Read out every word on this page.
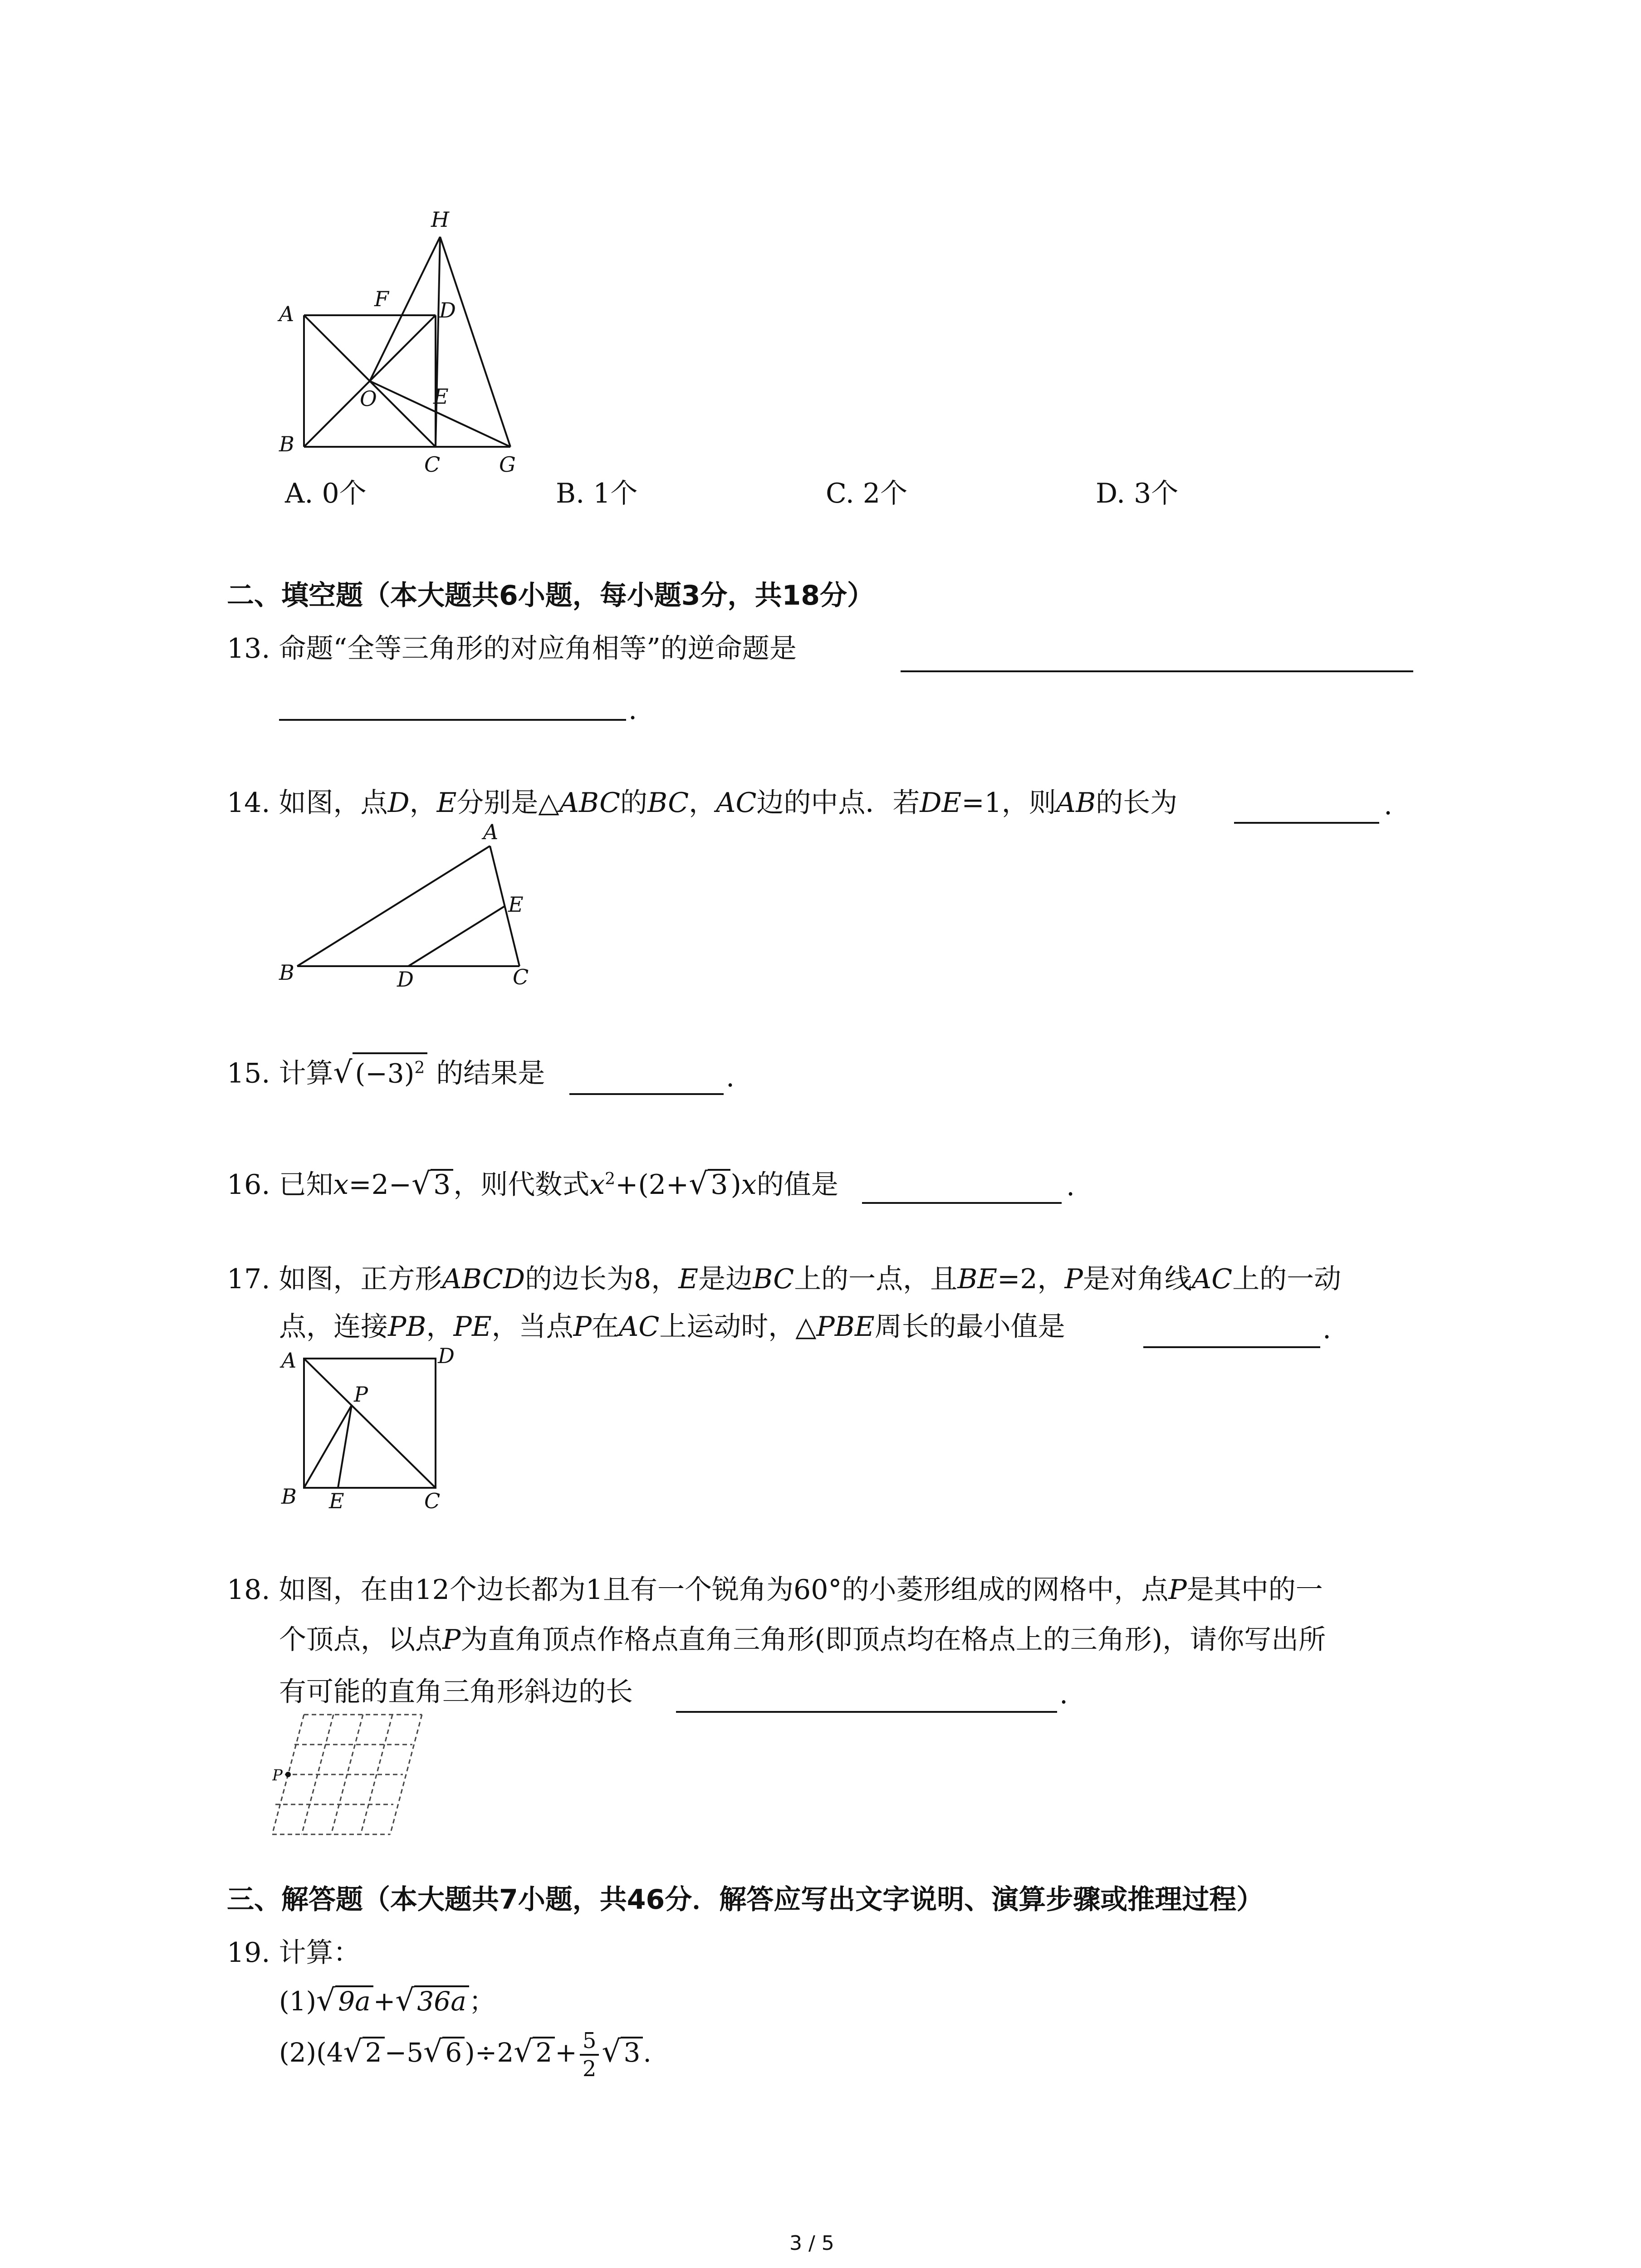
H
A
F D
O	E
B
C	G
A. 0个	B. 1个	C. 2个	D. 3个
二、填空题（本大题共6小题，每小题3分，共18分）
13. 命题“全等三角形的对应角相等”的逆命题是
.
14. 如图，点D，E分别是△ABC的BC，AC边的中点．若DE=1，则AB的长为	.
A
E
B	D	C
15. 计算√ $(-3)^2$ 的结果是	.
16. 已知x=2−√ 3 ，则代数式$x^2+(2+√$ 3 )x的值是	.
17. 如图，正方形ABCD的边长为8，E是边BC上的一点，且BE=2，P是对角线AC上的一动
点，连接PB，PE，当点P在AC上运动时，△PBE周长的最小值是	.
A	D
P
B E	C
18. 如图，在由12个边长都为1且有一个锐角为60°的小菱形组成的网格中，点P是其中的一
个顶点，以点P为直角顶点作格点直角三角形(即顶点均在格点上的三角形)，请你写出所
有可能的直角三角形斜边的长	.
P
三、解答题（本大题共7小题，共46分．解答应写出文字说明、演算步骤或推理过程）
19. 计算：
(1)√ 9a +√ 36a ；
(2)(4√ 2 −5√ 6 )÷2√ $2 + \frac{5}{2}$ √ 3 .
3 / 5
